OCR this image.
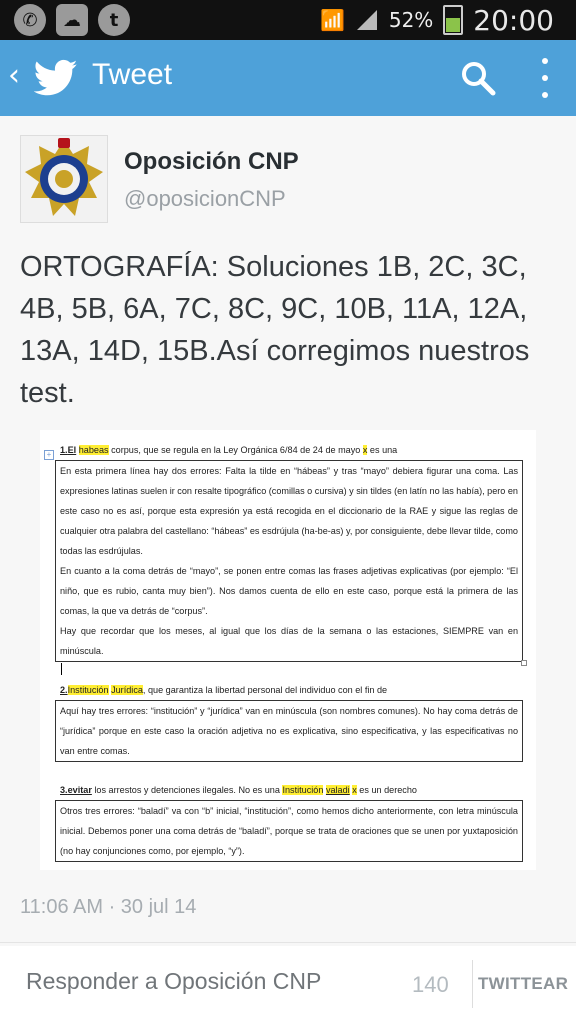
✆	☁	t	📶 52% 20:00
‹ Tweet
Oposición CNP
@oposicionCNP
ORTOGRAFÍA: Soluciones 1B, 2C, 3C, 4B, 5B, 6A, 7C, 8C, 9C, 10B, 11A, 12A, 13A, 14D, 15B.Así corregimos nuestros test.
+ 1.El habeas corpus, que se regula en la Ley Orgánica 6/84 de 24 de mayo x es una

En esta primera línea hay dos errores: Falta la tilde en “hábeas” y tras “mayo” debiera figurar una coma. Las expresiones latinas suelen ir con resalte tipográfico (comillas o cursiva) y sin tildes (en latín no las había), pero en este caso no es así, porque esta expresión ya está recogida en el diccionario de la RAE y sigue las reglas de cualquier otra palabra del castellano: “hábeas” es esdrújula (ha-be-as) y, por consiguiente, debe llevar tilde, como todas las esdrújulas.

En cuanto a la coma detrás de “mayo”, se ponen entre comas las frases adjetivas explicativas (por ejemplo: “El niño, que es rubio, canta muy bien”). Nos damos cuenta de ello en este caso, porque está la primera de las comas, la que va detrás de “corpus”.

Hay que recordar que los meses, al igual que los días de la semana o las estaciones, SIEMPRE van en minúscula.

2.Institución Jurídica, que garantiza la libertad personal del individuo con el fin de

Aquí hay tres errores: “institución” y “jurídica” van en minúscula (son nombres comunes). No hay coma detrás de “jurídica” porque en este caso la oración adjetiva no es explicativa, sino especificativa, y las especificativas no van entre comas.

3.evitar los arrestos y detenciones ilegales. No es una Institución valadi x es un derecho

Otros tres errores: “baladí” va con “b” inicial, “institución”, como hemos dicho anteriormente, con letra minúscula inicial. Debemos poner una coma detrás de “baladí”, porque se trata de oraciones que se unen por yuxtaposición (no hay conjunciones como, por ejemplo, “y”).

11:06 AM · 30 jul 14
Responder a Oposición CNP
140 TWITTEAR
